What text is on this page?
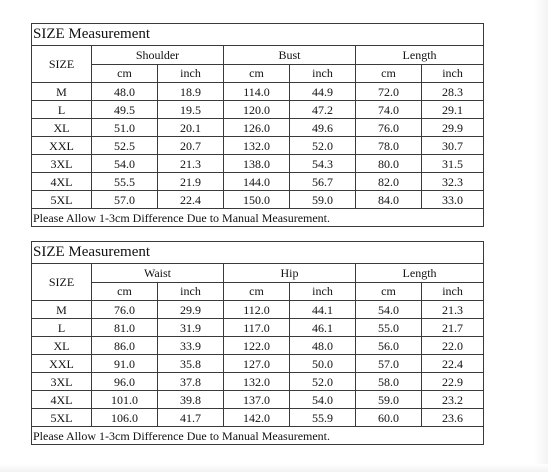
SIZE Measurement						
SIZE	Shoulder		Bust		Length	
	cm	inch	cm	inch	cm	inch
M	48.0	18.9	114.0	44.9	72.0	28.3
L	49.5	19.5	120.0	47.2	74.0	29.1
XL	51.0	20.1	126.0	49.6	76.0	29.9
XXL	52.5	20.7	132.0	52.0	78.0	30.7
3XL	54.0	21.3	138.0	54.3	80.0	31.5
4XL	55.5	21.9	144.0	56.7	82.0	32.3
5XL	57.0	22.4	150.0	59.0	84.0	33.0
Please Allow 1-3cm Difference Due to Manual Measurement.						
SIZE Measurement						
SIZE	Waist		Hip		Length	
	cm	inch	cm	inch	cm	inch
M	76.0	29.9	112.0	44.1	54.0	21.3
L	81.0	31.9	117.0	46.1	55.0	21.7
XL	86.0	33.9	122.0	48.0	56.0	22.0
XXL	91.0	35.8	127.0	50.0	57.0	22.4
3XL	96.0	37.8	132.0	52.0	58.0	22.9
4XL	101.0	39.8	137.0	54.0	59.0	23.2
5XL	106.0	41.7	142.0	55.9	60.0	23.6
Please Allow 1-3cm Difference Due to Manual Measurement.						
